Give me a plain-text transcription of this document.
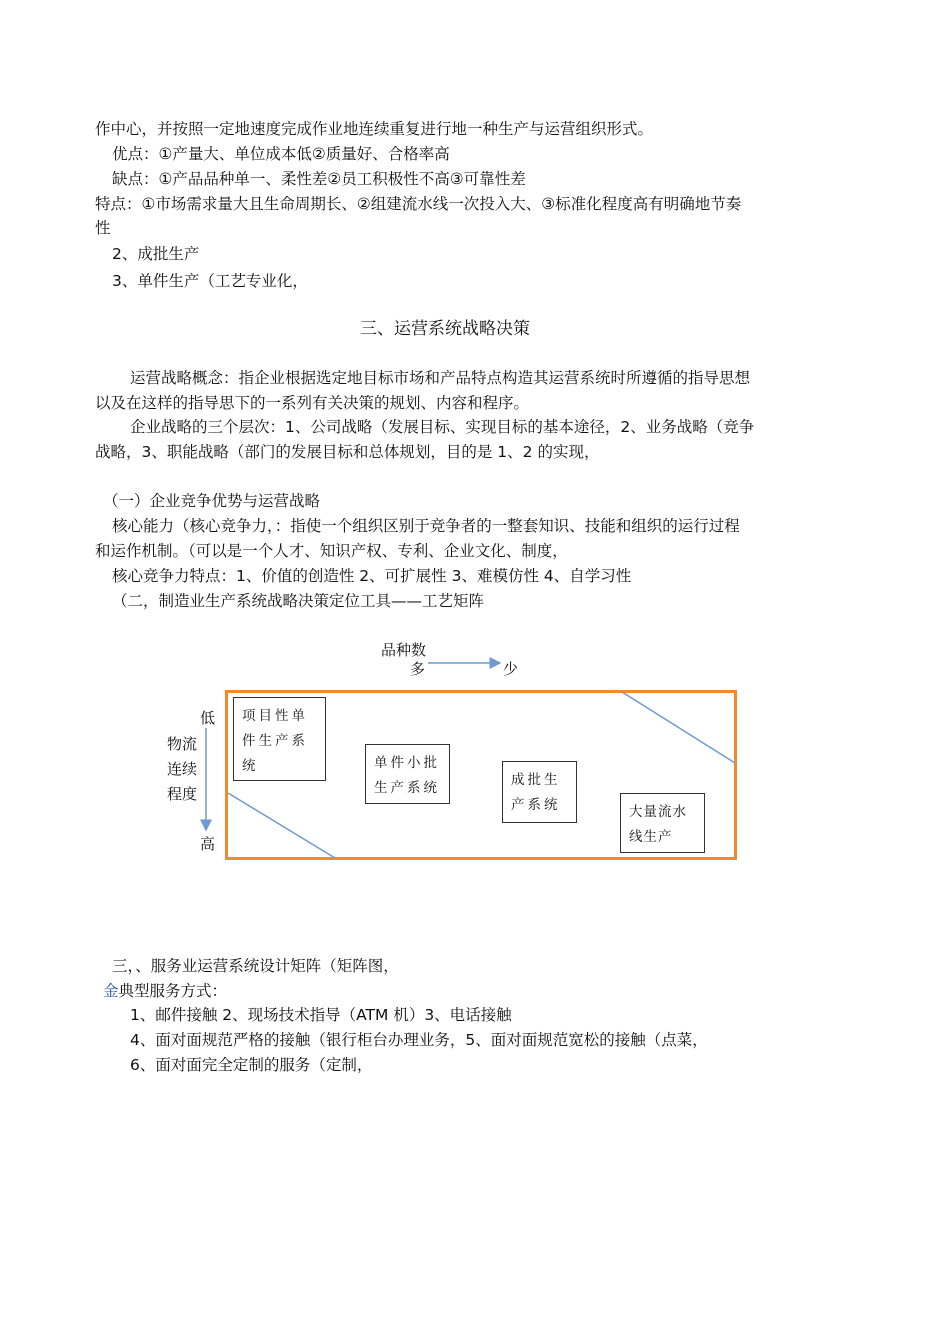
作中心，并按照一定地速度完成作业地连续重复进行地一种生产与运营组织形式。
优点：①产量大、单位成本低②质量好、合格率高
缺点：①产品品种单一、柔性差②员工积极性不高③可靠性差
特点：①市场需求量大且生命周期长、②组建流水线一次投入大、③标准化程度高有明确地节奏
性
2、成批生产
3、单件生产（工艺专业化，
三、运营系统战略决策
运营战略概念：指企业根据选定地目标市场和产品特点构造其运营系统时所遵循的指导思想
以及在这样的指导思下的一系列有关决策的规划、内容和程序。
企业战略的三个层次：1、公司战略（发展目标、实现目标的基本途径，2、业务战略（竞争
战略，3、职能战略（部门的发展目标和总体规划，目的是 1、2 的实现，
（一）企业竞争优势与运营战略
核心能力（核心竞争力，：指使一个组织区别于竞争者的一整套知识、技能和组织的运行过程
和运作机制。（可以是一个人才、知识产权、专利、企业文化、制度，
核心竞争力特点：1、价值的创造性 2、可扩展性 3、难模仿性 4、自学习性
（二，制造业生产系统战略决策定位工具——工艺矩阵
品种数
多	少
低
物流
连续
程度
高
项目性单件生产系统	单件小批生产系统	成批生产系统	大量流水线生产
三，、服务业运营系统设计矩阵（矩阵图，
金典型服务方式：
1、邮件接触 2、现场技术指导（ATM 机）3、电话接触
4、面对面规范严格的接触（银行柜台办理业务，5、面对面规范宽松的接触（点菜，
6、面对面完全定制的服务（定制，
